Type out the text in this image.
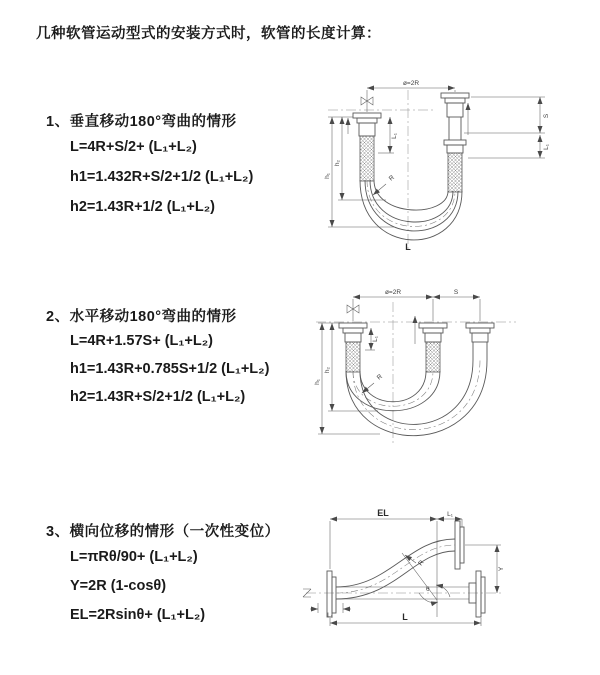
几种软管运动型式的安装方式时，软管的长度计算：
1、垂直移动180°弯曲的情形
L=4R+S/2+ (L₁+L₂)
h1=1.432R+S/2+1/2 (L₁+L₂)
h2=1.43R+1/2 (L₁+L₂)
2、水平移动180°弯曲的情形
L=4R+1.57S+ (L₁+L₂)
h1=1.43R+0.785S+1/2 (L₁+L₂)
h2=1.43R+S/2+1/2 (L₁+L₂)
3、横向位移的情形（一次性变位）
L=πRθ/90+ (L₁+L₂)
Y=2R (1-cosθ)
EL=2Rsinθ+ (L₁+L₂)
ø=2R
S
L₁
h₁
h₂
L₁
R
L
ø=2R	S
h₁
h₂
L₁
R
EL	L₁
Y
R
θ
L₁	L
